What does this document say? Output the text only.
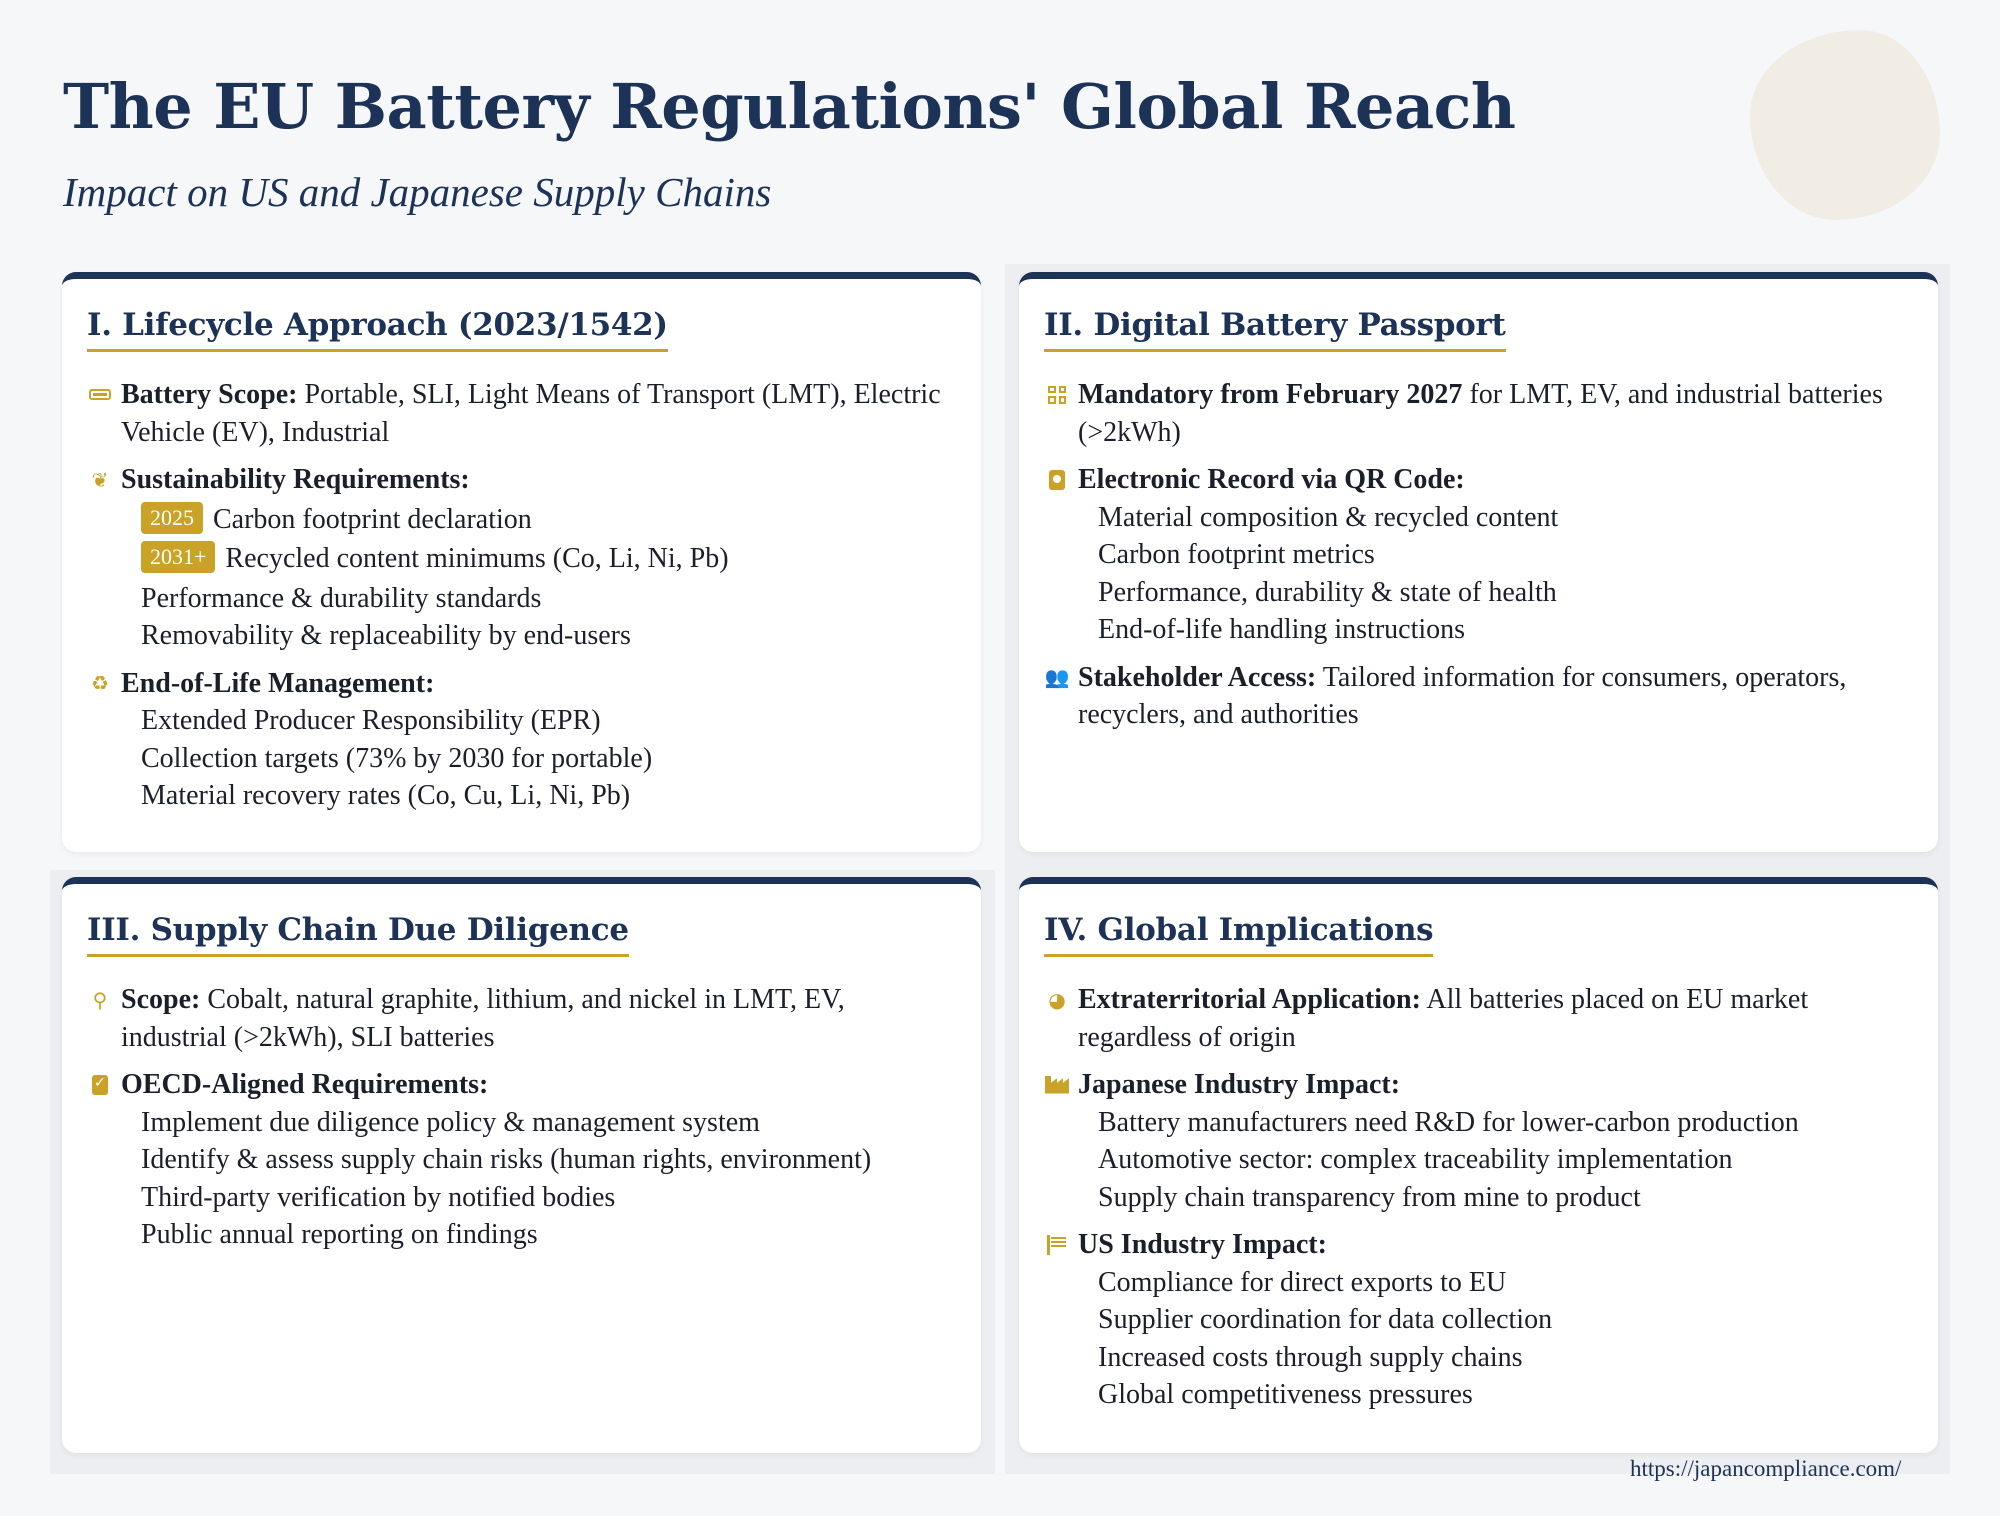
The EU Battery Regulations' Global Reach
Impact on US and Japanese Supply Chains
I. Lifecycle Approach (2023/1542)
Battery Scope: Portable, SLI, Light Means of Transport (LMT), Electric Vehicle (EV), Industrial
❦ Sustainability Requirements:
2025 Carbon footprint declaration
2031+ Recycled content minimums (Co, Li, Ni, Pb)
Performance & durability standards
Removability & replaceability by end-users
♻ End-of-Life Management:
Extended Producer Responsibility (EPR)
Collection targets (73% by 2030 for portable)
Material recovery rates (Co, Cu, Li, Ni, Pb)
II. Digital Battery Passport
Mandatory from February 2027 for LMT, EV, and industrial batteries (>2kWh)
Electronic Record via QR Code:
Material composition & recycled content
Carbon footprint metrics
Performance, durability & state of health
End-of-life handling instructions
👥 Stakeholder Access: Tailored information for consumers, operators, recyclers, and authorities
III. Supply Chain Due Diligence
⚲ Scope: Cobalt, natural graphite, lithium, and nickel in LMT, EV, industrial (>2kWh), SLI batteries
✓
OECD-Aligned Requirements:
Implement due diligence policy & management system
Identify & assess supply chain risks (human rights, environment)
Third-party verification by notified bodies
Public annual reporting on findings
IV. Global Implications
◕ Extraterritorial Application: All batteries placed on EU market regardless of origin
Japanese Industry Impact:
Battery manufacturers need R&D for lower-carbon production
Automotive sector: complex traceability implementation
Supply chain transparency from mine to product
US Industry Impact:
Compliance for direct exports to EU
Supplier coordination for data collection
Increased costs through supply chains
Global competitiveness pressures
https://japancompliance.com/
